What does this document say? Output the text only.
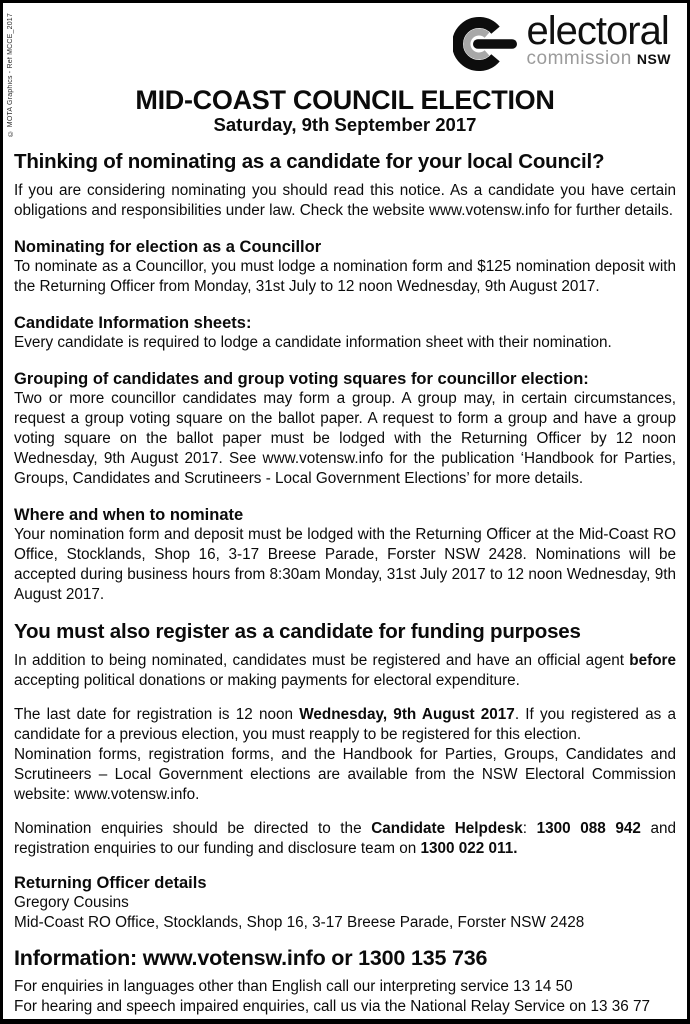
© MOTA Graphics - Ref MCCE_2017	electoral
commission NSW
MID-COAST COUNCIL ELECTION
Saturday, 9th September 2017
Thinking of nominating as a candidate for your local Council?

If you are considering nominating you should read this notice. As a candidate you have certain obligations and responsibilities under law. Check the website www.votensw.info for further details.

Nominating for election as a Councillor

To nominate as a Councillor, you must lodge a nomination form and $125 nomination deposit with the Returning Officer from Monday, 31st July to 12 noon Wednesday, 9th August 2017.

Candidate Information sheets:

Every candidate is required to lodge a candidate information sheet with their nomination.

Grouping of candidates and group voting squares for councillor election:

Two or more councillor candidates may form a group. A group may, in certain circumstances, request a group voting square on the ballot paper. A request to form a group and have a group voting square on the ballot paper must be lodged with the Returning Officer by 12 noon Wednesday, 9th August 2017. See www.votensw.info for the publication ‘Handbook for Parties, Groups, Candidates and Scrutineers - Local Government Elections’ for more details.

Where and when to nominate

Your nomination form and deposit must be lodged with the Returning Officer at the Mid-Coast RO Office, Stocklands, Shop 16, 3-17 Breese Parade, Forster NSW 2428. Nominations will be accepted during business hours from 8:30am Monday, 31st July 2017 to 12 noon Wednesday, 9th August 2017.

You must also register as a candidate for funding purposes

In addition to being nominated, candidates must be registered and have an official agent before accepting political donations or making payments for electoral expenditure.

The last date for registration is 12 noon Wednesday, 9th August 2017. If you registered as a candidate for a previous election, you must reapply to be registered for this election.

Nomination forms, registration forms, and the Handbook for Parties, Groups, Candidates and Scrutineers – Local Government elections are available from the NSW Electoral Commission website: www.votensw.info.

Nomination enquiries should be directed to the Candidate Helpdesk: 1300 088 942 and registration enquiries to our funding and disclosure team on 1300 022 011.

Returning Officer details

Gregory Cousins

Mid-Coast RO Office, Stocklands, Shop 16, 3-17 Breese Parade, Forster NSW 2428

Information: www.votensw.info or 1300 135 736

For enquiries in languages other than English call our interpreting service 13 14 50

For hearing and speech impaired enquiries, call us via the National Relay Service on 13 36 77
